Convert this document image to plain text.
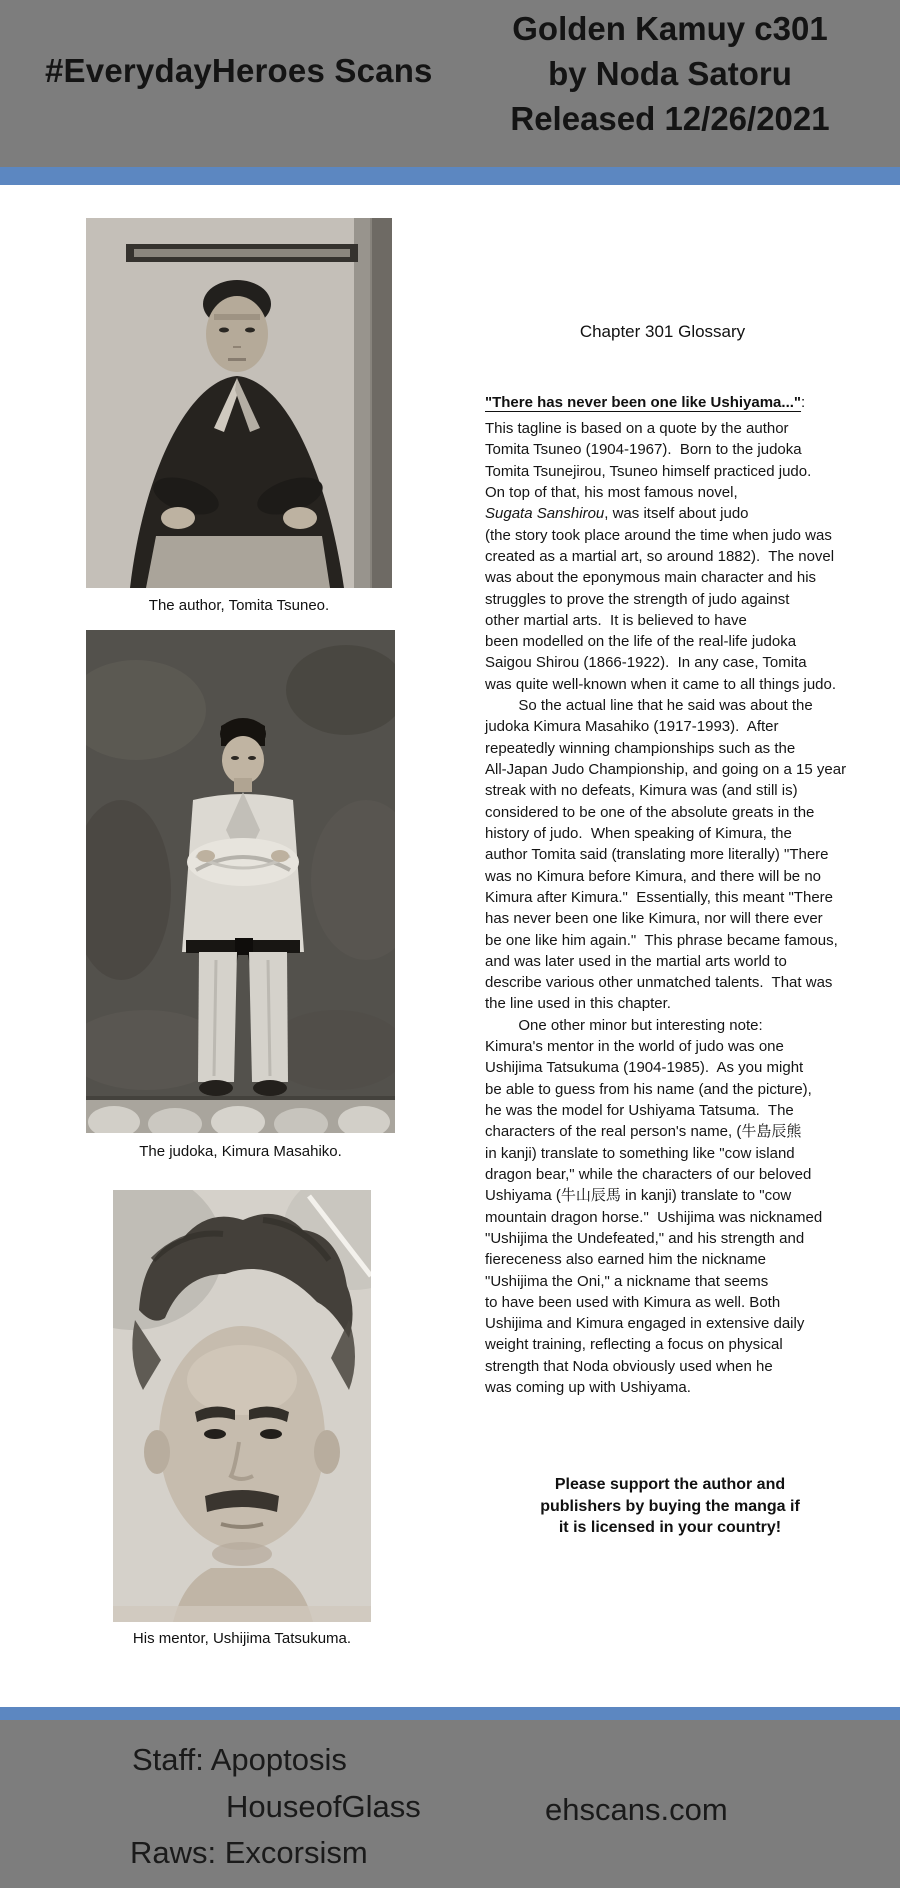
#EverydayHeroes Scans
Golden Kamuy c301
by Noda Satoru
Released 12/26/2021
The author, Tomita Tsuneo.
The judoka, Kimura Masahiko.
His mentor, Ushijima Tatsukuma.
Chapter 301 Glossary
"There has never been one like Ushiyama...":
This tagline is based on a quote by the author
Tomita Tsuneo (1904-1967).  Born to the judoka
Tomita Tsunejirou, Tsuneo himself practiced judo.
On top of that, his most famous novel,
Sugata Sanshirou, was itself about judo
(the story took place around the time when judo was
created as a martial art, so around 1882).  The novel
was about the eponymous main character and his
struggles to prove the strength of judo against
other martial arts.  It is believed to have
been modelled on the life of the real-life judoka
Saigou Shirou (1866-1922).  In any case, Tomita
was quite well-known when it came to all things judo.
So the actual line that he said was about the
judoka Kimura Masahiko (1917-1993).  After
repeatedly winning championships such as the
All-Japan Judo Championship, and going on a 15 year
streak with no defeats, Kimura was (and still is)
considered to be one of the absolute greats in the
history of judo.  When speaking of Kimura, the
author Tomita said (translating more literally) "There
was no Kimura before Kimura, and there will be no
Kimura after Kimura."  Essentially, this meant "There
has never been one like Kimura, nor will there ever
be one like him again."  This phrase became famous,
and was later used in the martial arts world to
describe various other unmatched talents.  That was
the line used in this chapter.
One other minor but interesting note:
Kimura's mentor in the world of judo was one
Ushijima Tatsukuma (1904-1985).  As you might
be able to guess from his name (and the picture),
he was the model for Ushiyama Tatsuma.  The
characters of the real person's name, (牛島辰熊
in kanji) translate to something like "cow island
dragon bear," while the characters of our beloved
Ushiyama (牛山辰馬 in kanji) translate to "cow
mountain dragon horse."  Ushijima was nicknamed
"Ushijima the Undefeated," and his strength and
fiereceness also earned him the nickname
"Ushijima the Oni," a nickname that seems
to have been used with Kimura as well. Both
Ushijima and Kimura engaged in extensive daily
weight training, reflecting a focus on physical
strength that Noda obviously used when he
was coming up with Ushiyama.
Please support the author and
publishers by buying the manga if
it is licensed in your country!
Staff: Apoptosis
HouseofGlass	ehscans.com
Raws: Excorsism
